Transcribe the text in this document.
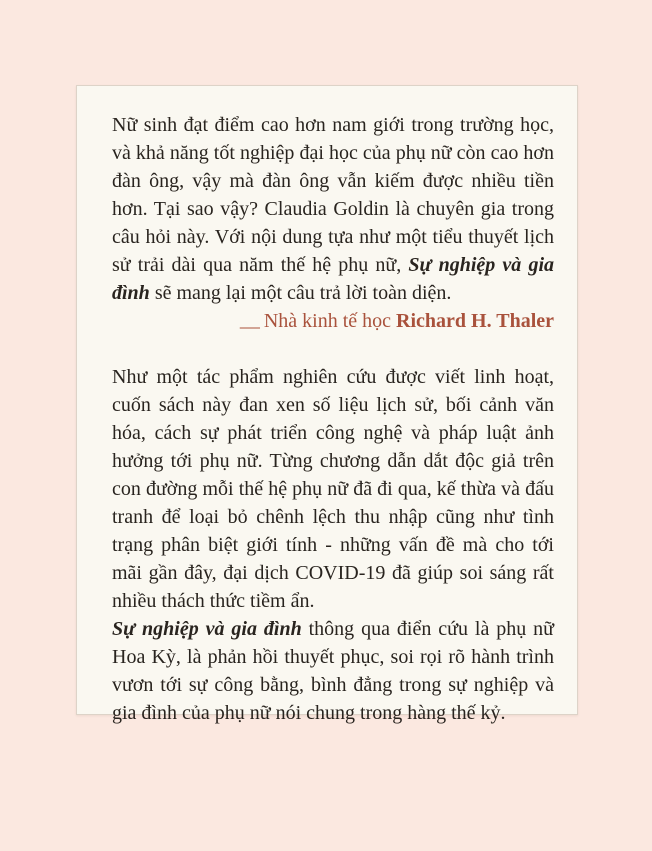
Nữ sinh đạt điểm cao hơn nam giới trong trường học, và khả năng tốt nghiệp đại học của phụ nữ còn cao hơn đàn ông, vậy mà đàn ông vẫn kiếm được nhiều tiền hơn. Tại sao vậy? Claudia Goldin là chuyên gia trong câu hỏi này. Với nội dung tựa như một tiểu thuyết lịch sử trải dài qua năm thế hệ phụ nữ, Sự nghiệp và gia đình sẽ mang lại một câu trả lời toàn diện.

— Nhà kinh tế học Richard H. Thaler

Như một tác phẩm nghiên cứu được viết linh hoạt, cuốn sách này đan xen số liệu lịch sử, bối cảnh văn hóa, cách sự phát triển công nghệ và pháp luật ảnh hưởng tới phụ nữ. Từng chương dẫn dắt độc giả trên con đường mỗi thế hệ phụ nữ đã đi qua, kế thừa và đấu tranh để loại bỏ chênh lệch thu nhập cũng như tình trạng phân biệt giới tính - những vấn đề mà cho tới mãi gần đây, đại dịch COVID-19 đã giúp soi sáng rất nhiều thách thức tiềm ẩn.

Sự nghiệp và gia đình thông qua điển cứu là phụ nữ Hoa Kỳ, là phản hồi thuyết phục, soi rọi rõ hành trình vươn tới sự công bằng, bình đẳng trong sự nghiệp và gia đình của phụ nữ nói chung trong hàng thế kỷ.
